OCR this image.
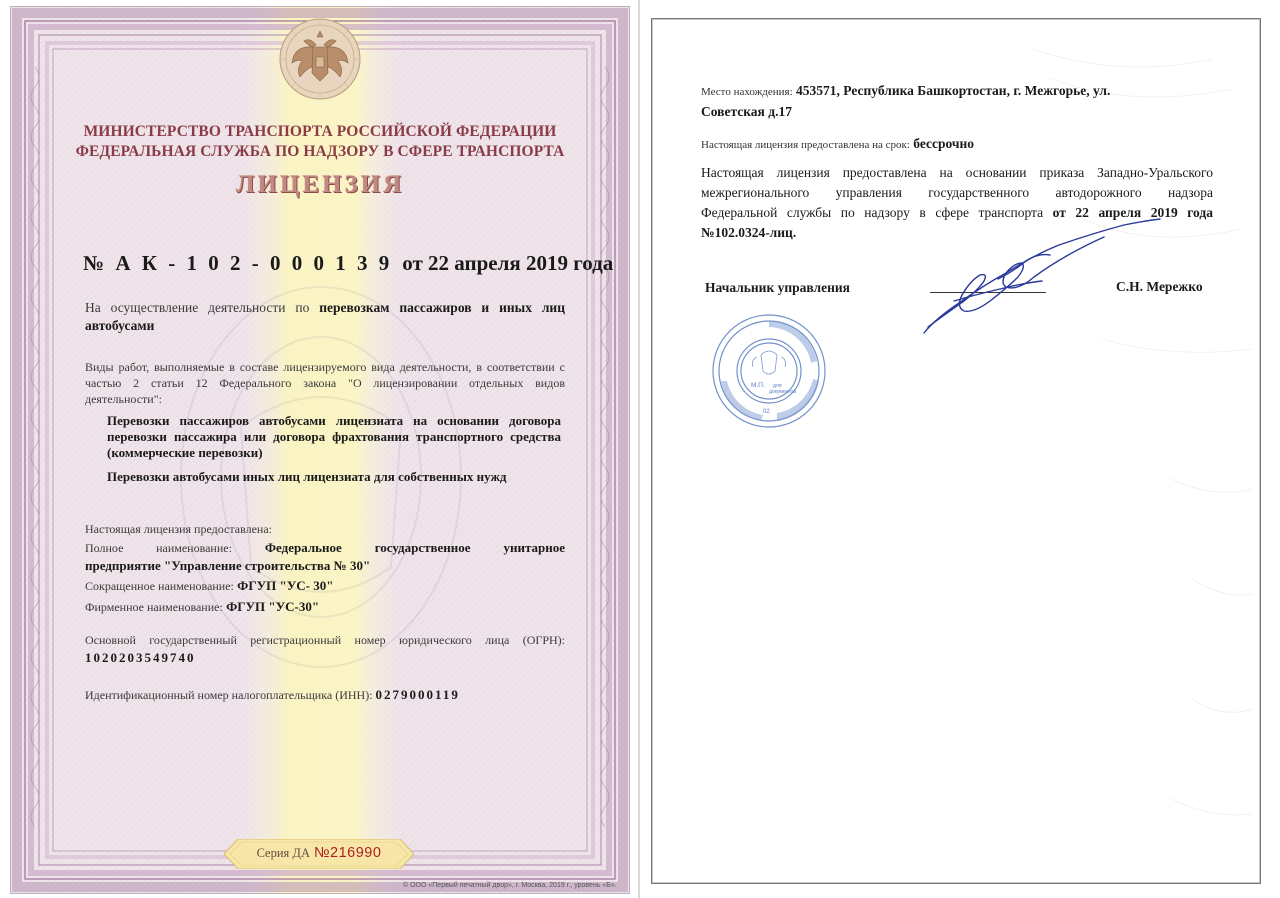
МИНИСТЕРСТВО ТРАНСПОРТА РОССИЙСКОЙ ФЕДЕРАЦИИ
ФЕДЕРАЛЬНАЯ СЛУЖБА ПО НАДЗОРУ В СФЕРЕ ТРАНСПОРТА
ЛИЦЕНЗИЯ
№ А К - 1 0 2 - 0 0 0 1 3 9 от 22 апреля 2019 года
На осуществление деятельности по перевозкам пассажиров и иных лиц
автобусами
Виды работ, выполняемые в составе лицензируемого вида деятельности, в соответствии с частью 2 статьи 12 Федерального закона "О лицензировании отдельных видов деятельности":
Перевозки пассажиров автобусами лицензиата на основании договора перевозки пассажира или договора фрахтования транспортного средства (коммерческие перевозки)
Перевозки автобусами иных лиц лицензиата для собственных нужд
Настоящая лицензия предоставлена:
Полное наименование:	Федеральное государственное унитарное
предприятие "Управление строительства № 30"
Сокращенное наименование: ФГУП "УС- 30"
Фирменное наименование: ФГУП "УС-30"
Основной государственный регистрационный номер юридического лица (ОГРН):
1020203549740
Идентификационный номер налогоплательщика (ИНН): 0279000119
Серия ДА №216990
© ООО «Первый печатный двор», г. Москва, 2019 г., уровень «Б».
Место нахождения: 453571, Республика Башкортостан, г. Межгорье, ул.
Советская д.17
Настоящая лицензия предоставлена на срок: бессрочно
Настоящая лицензия предоставлена на основании приказа Западно-Уральского
межрегионального управления государственного автодорожного надзора
Федеральной службы по надзору в сфере транспорта от 22 апреля 2019 года
№102.0324-лиц.
Начальник управления	С.Н. Мережко
М.П. для
документов
02
